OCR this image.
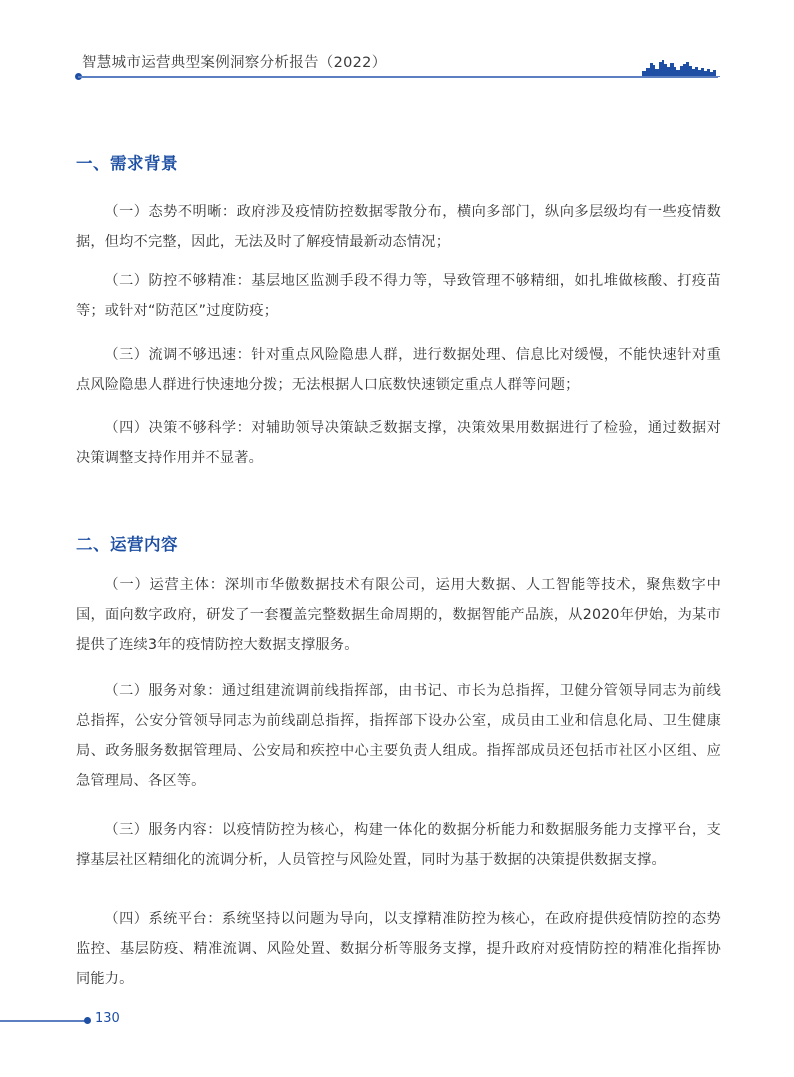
智慧城市运营典型案例洞察分析报告（2022）
一、需求背景
（一）态势不明晰：政府涉及疫情防控数据零散分布，横向多部门，纵向多层级均有一些疫情数据，但均不完整，因此，无法及时了解疫情最新动态情况；
（二）防控不够精准：基层地区监测手段不得力等，导致管理不够精细，如扎堆做核酸、打疫苗等；或针对“防范区”过度防疫；
（三）流调不够迅速：针对重点风险隐患人群，进行数据处理、信息比对缓慢，不能快速针对重点风险隐患人群进行快速地分拨；无法根据人口底数快速锁定重点人群等问题；
（四）决策不够科学：对辅助领导决策缺乏数据支撑，决策效果用数据进行了检验，通过数据对决策调整支持作用并不显著。
二、运营内容
（一）运营主体：深圳市华傲数据技术有限公司，运用大数据、人工智能等技术，聚焦数字中国，面向数字政府，研发了一套覆盖完整数据生命周期的，数据智能产品族，从2020年伊始，为某市提供了连续3年的疫情防控大数据支撑服务。
（二）服务对象：通过组建流调前线指挥部，由书记、市长为总指挥，卫健分管领导同志为前线总指挥，公安分管领导同志为前线副总指挥，指挥部下设办公室，成员由工业和信息化局、卫生健康局、政务服务数据管理局、公安局和疾控中心主要负责人组成。指挥部成员还包括市社区小区组、应急管理局、各区等。
（三）服务内容：以疫情防控为核心，构建一体化的数据分析能力和数据服务能力支撑平台，支撑基层社区精细化的流调分析，人员管控与风险处置，同时为基于数据的决策提供数据支撑。
（四）系统平台：系统坚持以问题为导向，以支撑精准防控为核心，在政府提供疫情防控的态势监控、基层防疫、精准流调、风险处置、数据分析等服务支撑，提升政府对疫情防控的精准化指挥协同能力。
130
